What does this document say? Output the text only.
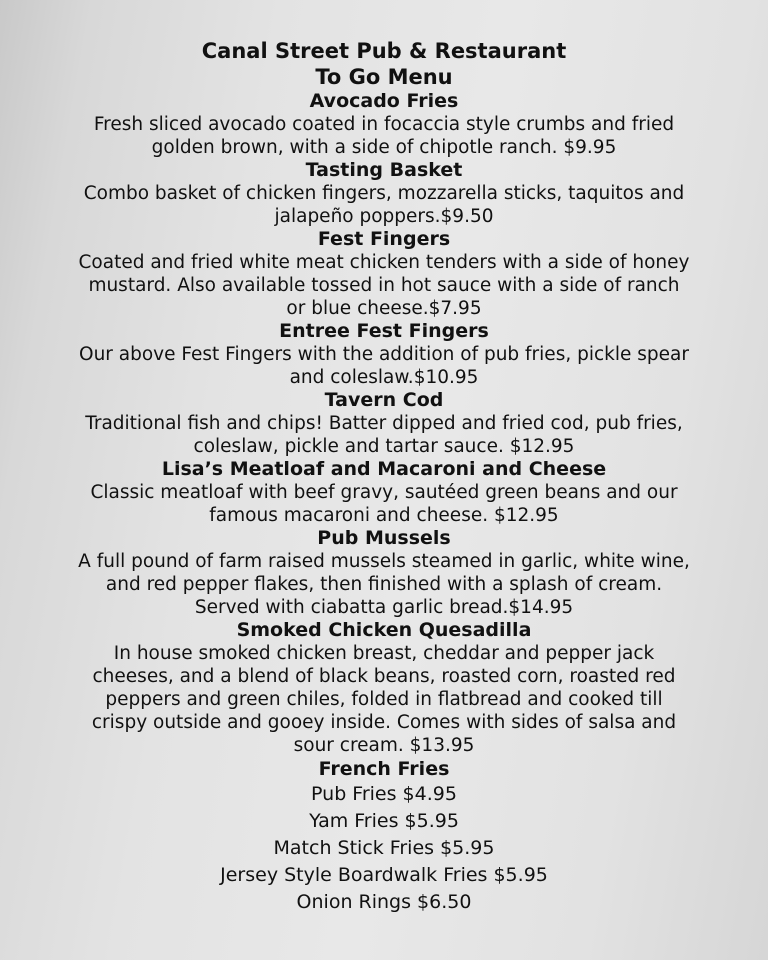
Canal Street Pub & Restaurant
To Go Menu
Avocado Fries
Fresh sliced avocado coated in focaccia style crumbs and fried
golden brown, with a side of chipotle ranch. $9.95
Tasting Basket
Combo basket of chicken fingers, mozzarella sticks, taquitos and
jalapeño poppers.$9.50
Fest Fingers
Coated and fried white meat chicken tenders with a side of honey
mustard. Also available tossed in hot sauce with a side of ranch
or blue cheese.$7.95
Entree Fest Fingers
Our above Fest Fingers with the addition of pub fries, pickle spear
and coleslaw.$10.95
Tavern Cod
Traditional fish and chips! Batter dipped and fried cod, pub fries,
coleslaw, pickle and tartar sauce. $12.95
Lisa’s Meatloaf and Macaroni and Cheese
Classic meatloaf with beef gravy, sautéed green beans and our
famous macaroni and cheese. $12.95
Pub Mussels
A full pound of farm raised mussels steamed in garlic, white wine,
and red pepper flakes, then finished with a splash of cream.
Served with ciabatta garlic bread.$14.95
Smoked Chicken Quesadilla
In house smoked chicken breast, cheddar and pepper jack
cheeses, and a blend of black beans, roasted corn, roasted red
peppers and green chiles, folded in flatbread and cooked till
crispy outside and gooey inside. Comes with sides of salsa and
sour cream. $13.95
French Fries
Pub Fries $4.95
Yam Fries $5.95
Match Stick Fries $5.95
Jersey Style Boardwalk Fries $5.95
Onion Rings $6.50
